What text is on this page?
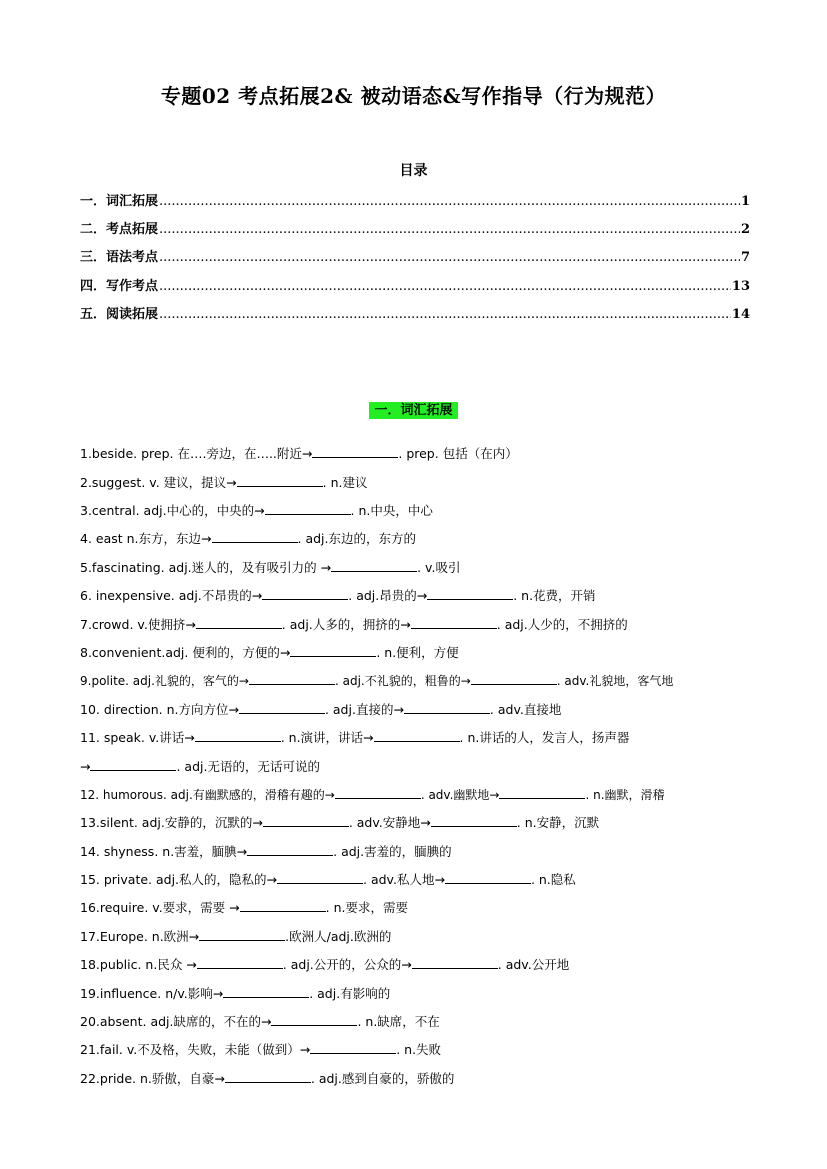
专题02 考点拓展2& 被动语态&写作指导（行为规范）
目录
一．词汇拓展 .....	1
二．考点拓展 .....	2
三．语法考点 .....	7
四．写作考点 .....	13
五．阅读拓展 .....	14
一．词汇拓展
1.beside. prep. 在….旁边，在…..附近→	. prep. 包括（在内）
2.suggest. v. 建议，提议→	. n.建议
3.central. adj.中心的，中央的→	. n.中央，中心
4. east n.东方，东边→	. adj.东边的，东方的
5.fascinating. adj.迷人的，及有吸引力的 →	. v.吸引
6. inexpensive. adj.不昂贵的→	. adj.昂贵的→	. n.花费，开销
7.crowd. v.使拥挤→	. adj.人多的，拥挤的→	. adj.人少的，不拥挤的
8.convenient.adj. 便利的，方便的→	. n.便利，方便
9.polite. adj.礼貌的，客气的→	. adj.不礼貌的，粗鲁的→	. adv.礼貌地，客气地
10. direction. n.方向方位→	. adj.直接的→	. adv.直接地
11. speak. v.讲话→	. n.演讲，讲话→	. n.讲话的人，发言人，扬声器
→	. adj.无语的，无话可说的
12. humorous. adj.有幽默感的，滑稽有趣的→	. adv.幽默地→	. n.幽默，滑稽
13.silent. adj.安静的，沉默的→	. adv.安静地→	. n.安静，沉默
14. shyness. n.害羞，腼腆→	. adj.害羞的，腼腆的
15. private. adj.私人的，隐私的→	. adv.私人地→	. n.隐私
16.require. v.要求，需要 →	. n.要求，需要
17.Europe. n.欧洲→	.欧洲人/adj.欧洲的
18.public. n.民众 →	. adj.公开的，公众的→	. adv.公开地
19.influence. n/v.影响→	. adj.有影响的
20.absent. adj.缺席的，不在的→	. n.缺席，不在
21.fail. v.不及格，失败，未能（做到）→	. n.失败
22.pride. n.骄傲，自豪→	. adj.感到自豪的，骄傲的
